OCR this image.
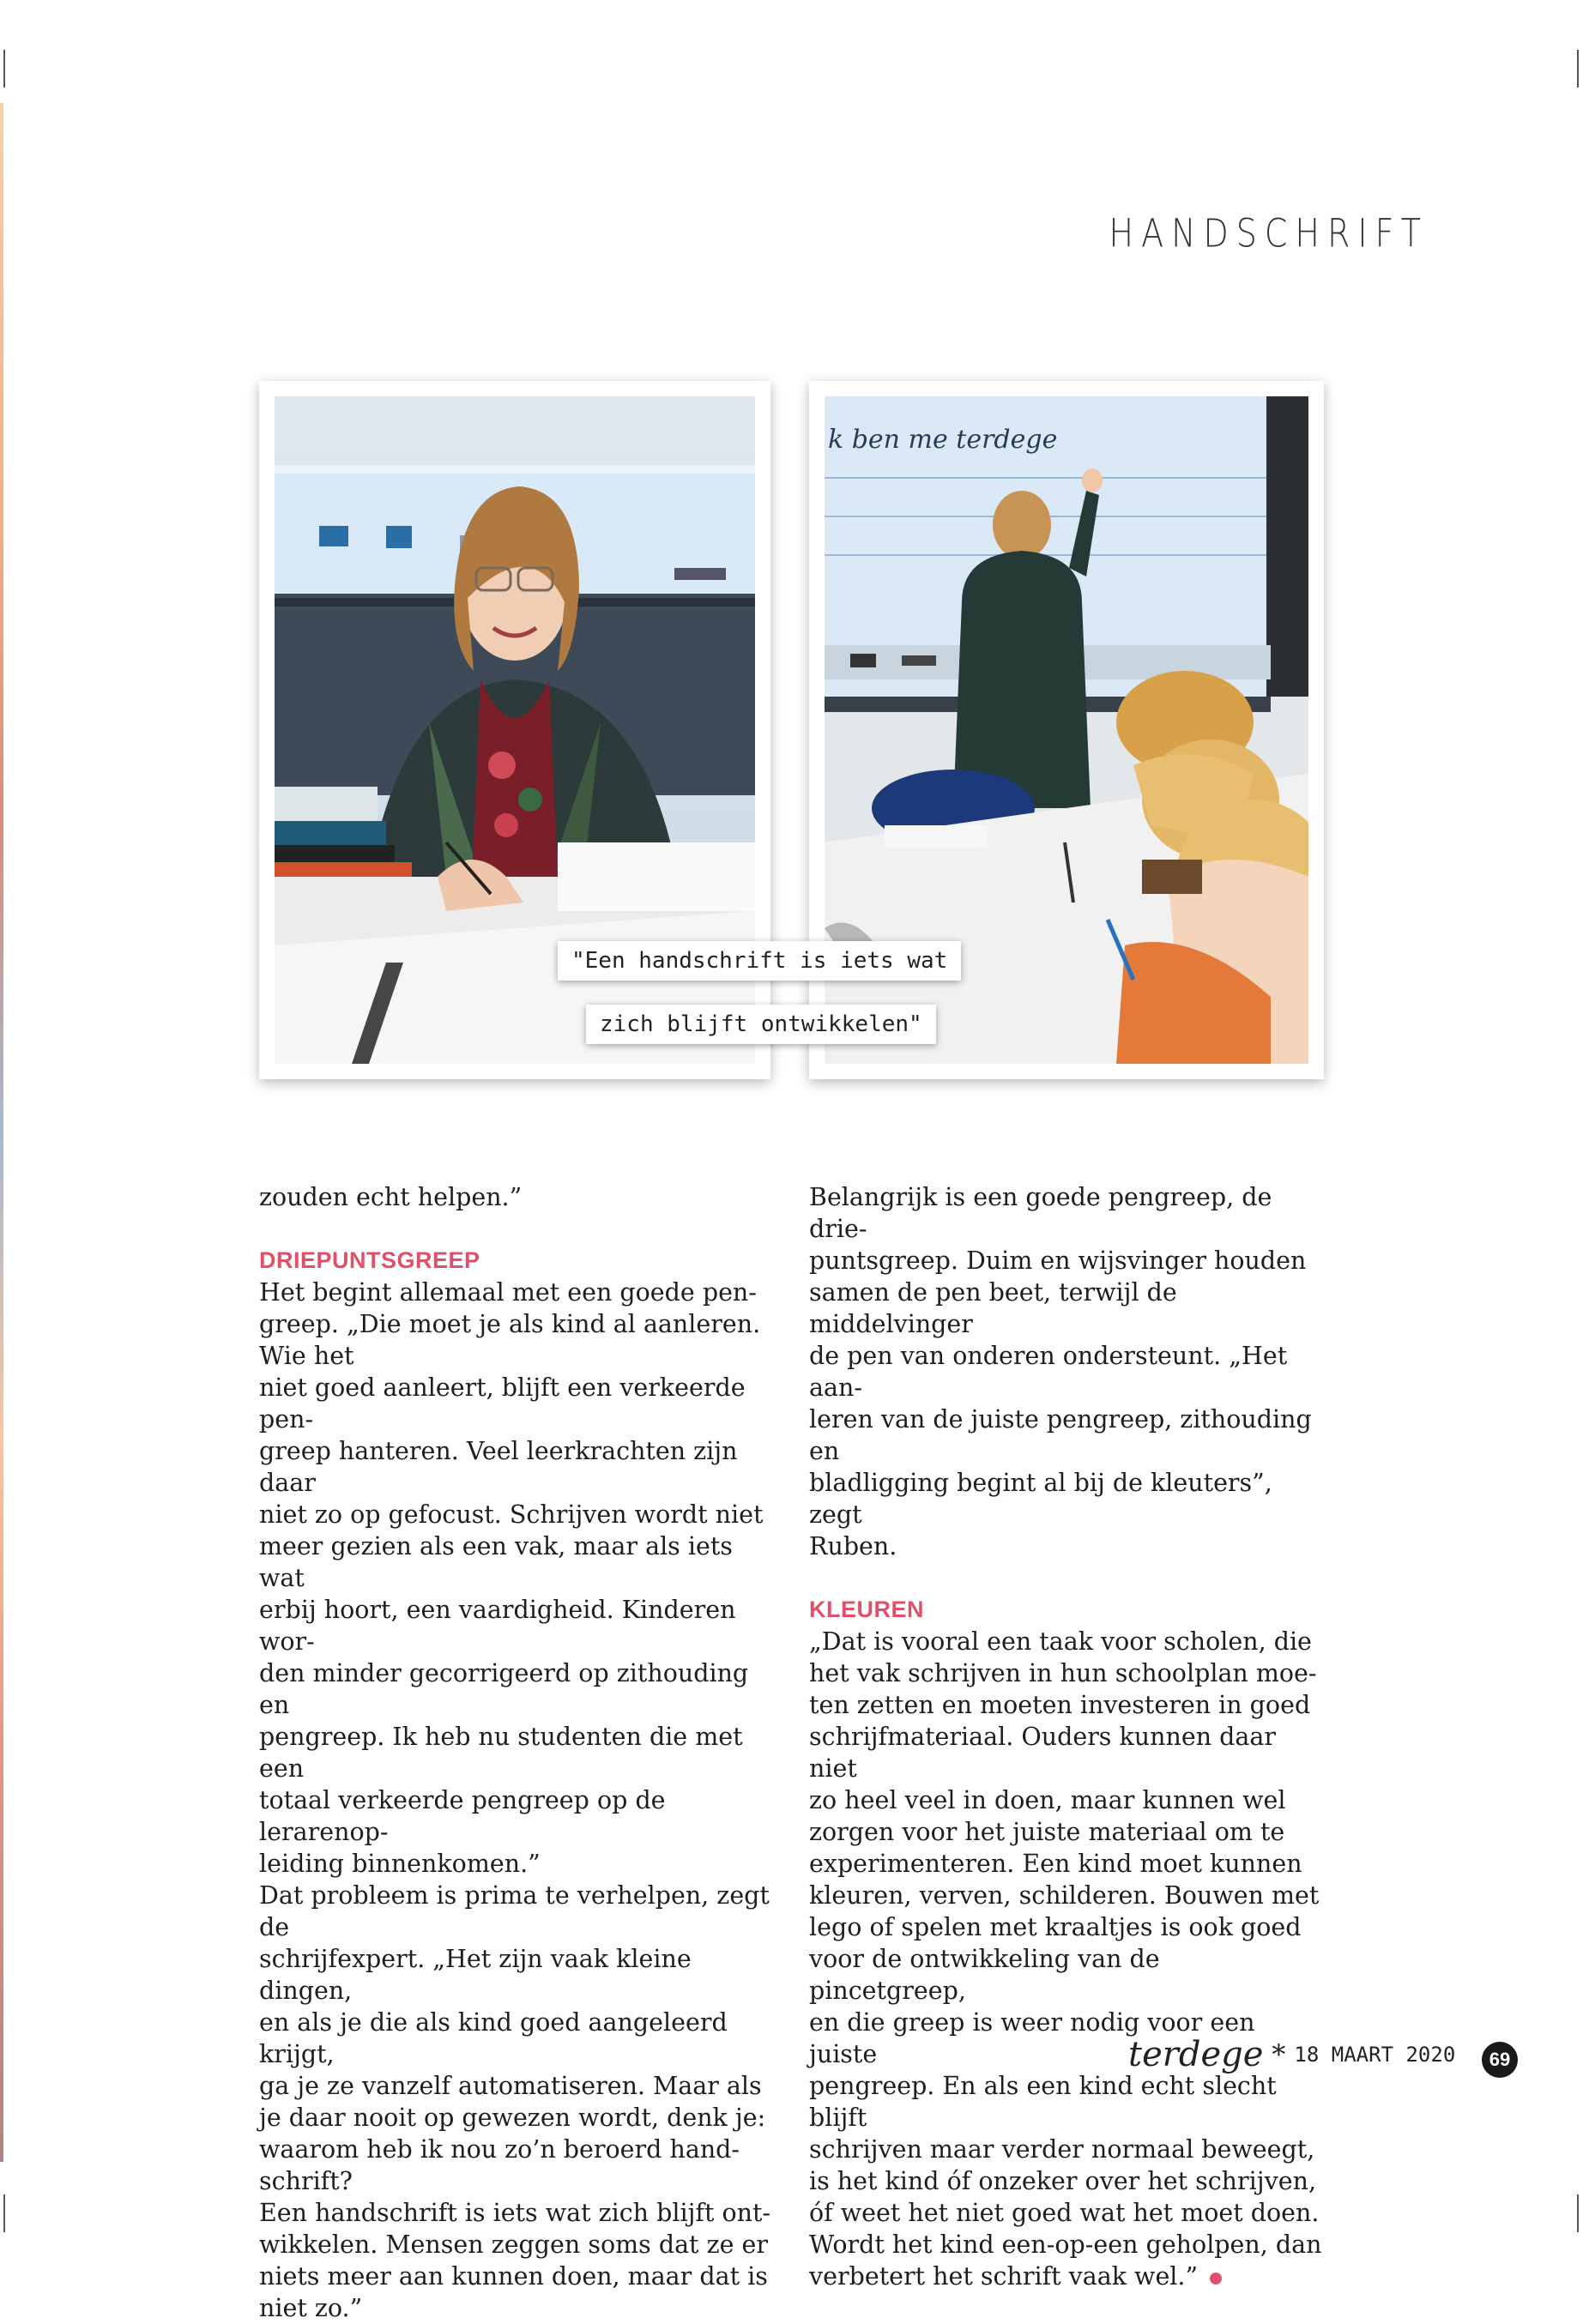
HANDSCHRIFT
k ben me terdege
"Een handschrift is iets wat
zich blijft ontwikkelen"

zouden echt helpen.”

DRIEPUNTSGREEP

Het begint allemaal met een goede pen-
greep. „Die moet je als kind al aanleren.
Wie het
niet goed aanleert, blijft een verkeerde pen-
greep hanteren. Veel leerkrachten zijn daar
niet zo op gefocust. Schrijven wordt niet
meer gezien als een vak, maar als iets wat
erbij hoort, een vaardigheid. Kinderen wor-
den minder gecorrigeerd op zithouding en
pengreep. Ik heb nu studenten die met een
totaal verkeerde pengreep op de lerarenop-
leiding binnenkomen.”

Dat probleem is prima te verhelpen, zegt de
schrijfexpert. „Het zijn vaak kleine dingen,
en als je die als kind goed aangeleerd krijgt,
ga je ze vanzelf automatiseren. Maar als
je daar nooit op gewezen wordt, denk je:
waarom heb ik nou zo’n beroerd hand-
schrift?

Een handschrift is iets wat zich blijft ont-
wikkelen. Mensen zeggen soms dat ze er
niets meer aan kunnen doen, maar dat is
niet zo.”

Belangrijk is een goede pengreep, de drie-
puntsgreep. Duim en wijsvinger houden
samen de pen beet, terwijl de middelvinger
de pen van onderen ondersteunt. „Het aan-
leren van de juiste pengreep, zithouding en
bladligging begint al bij de kleuters”, zegt
Ruben.

KLEUREN

„Dat is vooral een taak voor scholen, die
het vak schrijven in hun schoolplan moe-
ten zetten en moeten investeren in goed
schrijfmateriaal. Ouders kunnen daar niet
zo heel veel in doen, maar kunnen wel
zorgen voor het juiste materiaal om te
experimenteren. Een kind moet kunnen
kleuren, verven, schilderen. Bouwen met
lego of spelen met kraaltjes is ook goed
voor de ontwikkeling van de pincetgreep,
en die greep is weer nodig voor een juiste
pengreep. En als een kind echt slecht blijft
schrijven maar verder normaal beweegt,
is het kind óf onzeker over het schrijven,
óf weet het niet goed wat het moet doen.
Wordt het kind een-op-een geholpen, dan
verbetert het schrift vaak wel.”

terdege * 18 MAART 2020	69
